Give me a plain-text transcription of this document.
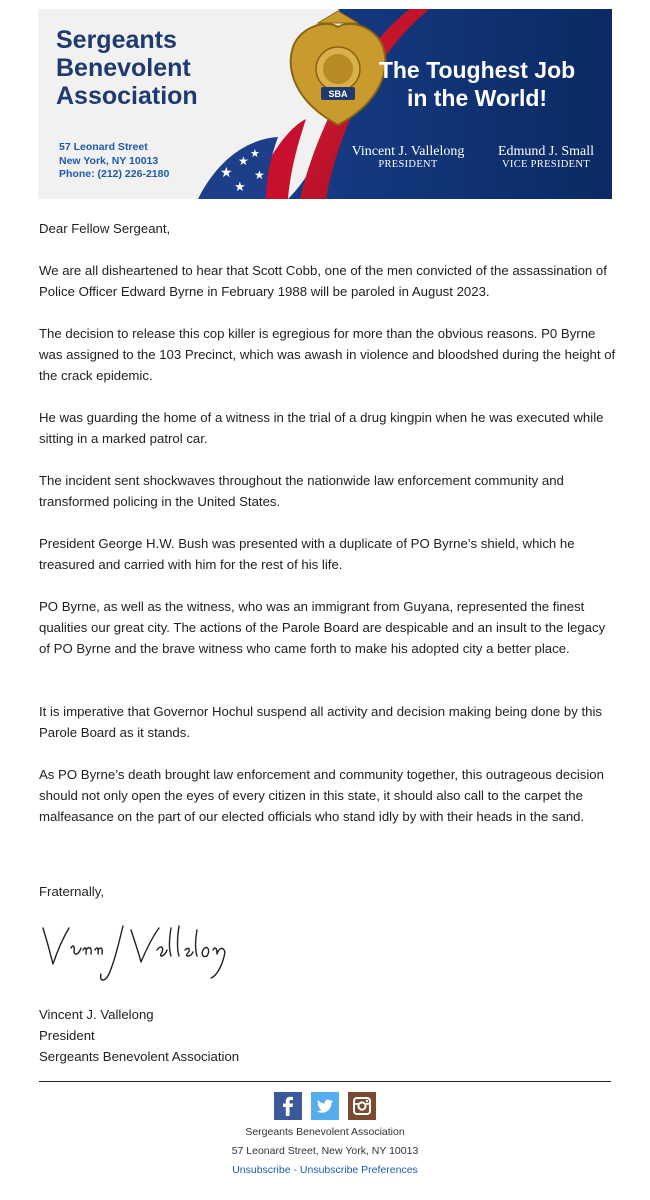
★
★
★
★
★
SBA
Sergeants
Benevolent
Association
57 Leonard Street
New York, NY 10013
Phone: (212) 226-2180
The Toughest Job
in the World!
Vincent J. Vallelong
PRESIDENT
Edmund J. Small
VICE PRESIDENT
Dear Fellow Sergeant,
We are all disheartened to hear that Scott Cobb, one of the men convicted of the assassination of Police Officer Edward Byrne in February 1988 will be paroled in August 2023.
The decision to release this cop killer is egregious for more than the obvious reasons. P0 Byrne was assigned to the 103 Precinct, which was awash in violence and bloodshed during the height of the crack epidemic.
He was guarding the home of a witness in the trial of a drug kingpin when he was executed while sitting in a marked patrol car.
The incident sent shockwaves throughout the nationwide law enforcement community and transformed policing in the United States.
President George H.W. Bush was presented with a duplicate of PO Byrne’s shield, which he treasured and carried with him for the rest of his life.
PO Byrne, as well as the witness, who was an immigrant from Guyana, represented the finest qualities our great city. The actions of the Parole Board are despicable and an insult to the legacy of PO Byrne and the brave witness who came forth to make his adopted city a better place.
It is imperative that Governor Hochul suspend all activity and decision making being done by this Parole Board as it stands.
As PO Byrne’s death brought law enforcement and community together, this outrageous decision should not only open the eyes of every citizen in this state, it should also call to the carpet the malfeasance on the part of our elected officials who stand idly by with their heads in the sand.
Fraternally,
Vincent J. Vallelong
President
Sergeants Benevolent Association
Sergeants Benevolent Association
57 Leonard Street, New York, NY 10013
Unsubscribe - Unsubscribe Preferences
